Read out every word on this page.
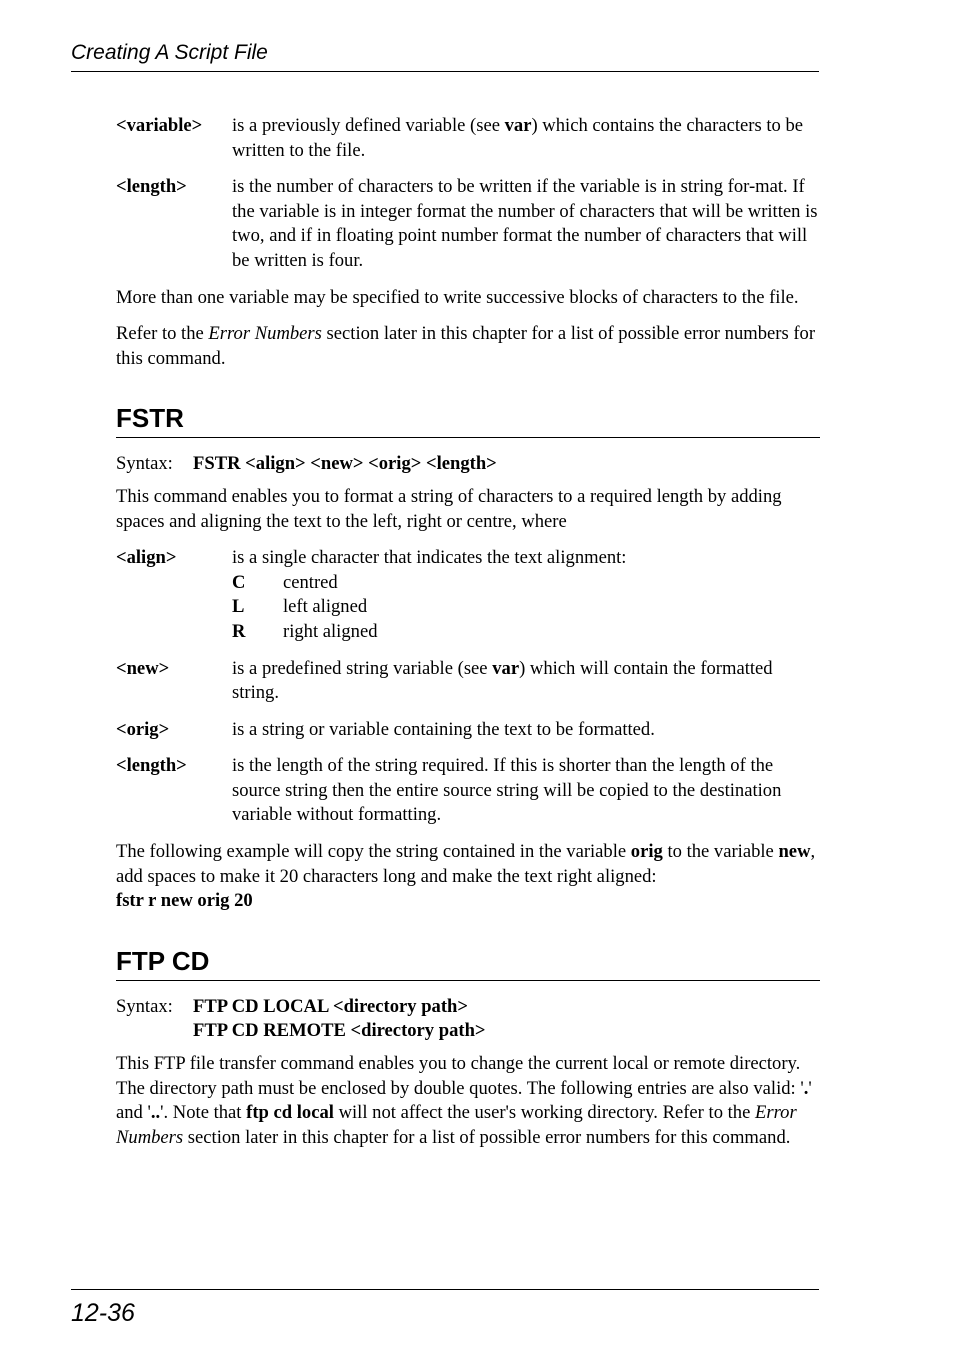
Creating A Script File
<variable>	is a previously defined variable (see var) which contains the characters to be written to the file.
<length>	is the number of characters to be written if the variable is in string for-mat. If the variable is in integer format the number of characters that will be written is two, and if in floating point number format the number of characters that will be written is four.

More than one variable may be specified to write successive blocks of characters to the file.

Refer to the Error Numbers section later in this chapter for a list of possible error numbers for this command.

FSTR
Syntax:	FSTR <align> <new> <orig> <length>

This command enables you to format a string of characters to a required length by adding spaces and aligning the text to the left, right or centre, where

<align>	is a single character that indicates the text alignment:
C	centred
L	left aligned
R	right aligned
<new>	is a predefined string variable (see var) which will contain the formatted string.
<orig>	is a string or variable containing the text to be formatted.
<length>	is the length of the string required. If this is shorter than the length of the source string then the entire source string will be copied to the destination variable without formatting.

The following example will copy the string contained in the variable orig to the variable new, add spaces to make it 20 characters long and make the text right aligned:

fstr r new orig 20

FTP CD
Syntax:	FTP CD LOCAL <directory path>
FTP CD REMOTE <directory path>

This FTP file transfer command enables you to change the current local or remote directory. The directory path must be enclosed by double quotes. The following entries are also valid: '.' and '..'. Note that ftp cd local will not affect the user's working directory. Refer to the Error Numbers section later in this chapter for a list of possible error numbers for this command.

12-36
